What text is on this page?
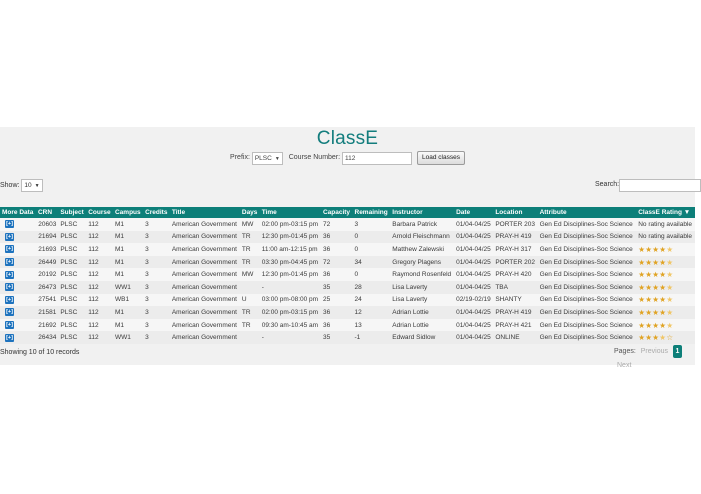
ClassE
Prefix: PLSC ▼ Course Number: 112	Load classes
Show: 10 ▼	Search:
More Data	CRN	Subject	Course	Campus	Credits	Title	Days	Time	Capacity	Remaining	Instructor	Date	Location	Attribute	ClassE Rating ▼
[+]	20603	PLSC	112	M1	3	American Government	MW	02:00 pm-03:15 pm	72	3	Barbara Patrick	01/04-04/25	PORTER 203	Gen Ed Disciplines-Soc Science	No rating available
[+]	21694	PLSC	112	M1	3	American Government	TR	12:30 pm-01:45 pm	36	0	Arnold Fleischmann	01/04-04/25	PRAY-H 419	Gen Ed Disciplines-Soc Science	No rating available
[+]	21693	PLSC	112	M1	3	American Government	TR	11:00 am-12:15 pm	36	0	Matthew Zalewski	01/04-04/25	PRAY-H 317	Gen Ed Disciplines-Soc Science	★★★★★
[+]	26449	PLSC	112	M1	3	American Government	TR	03:30 pm-04:45 pm	72	34	Gregory Plagens	01/04-04/25	PORTER 202	Gen Ed Disciplines-Soc Science	★★★★★
[+]	20192	PLSC	112	M1	3	American Government	MW	12:30 pm-01:45 pm	36	0	Raymond Rosenfeld	01/04-04/25	PRAY-H 420	Gen Ed Disciplines-Soc Science	★★★★★
[+]	26473	PLSC	112	WW1	3	American Government		-	35	28	Lisa Laverty	01/04-04/25	TBA	Gen Ed Disciplines-Soc Science	★★★★★
[+]	27541	PLSC	112	WB1	3	American Government	U	03:00 pm-08:00 pm	25	24	Lisa Laverty	02/19-02/19	SHANTY	Gen Ed Disciplines-Soc Science	★★★★★
[+]	21581	PLSC	112	M1	3	American Government	TR	02:00 pm-03:15 pm	36	12	Adrian Lottie	01/04-04/25	PRAY-H 419	Gen Ed Disciplines-Soc Science	★★★★★
[+]	21692	PLSC	112	M1	3	American Government	TR	09:30 am-10:45 am	36	13	Adrian Lottie	01/04-04/25	PRAY-H 421	Gen Ed Disciplines-Soc Science	★★★★★
[+]	26434	PLSC	112	WW1	3	American Government		-	35	-1	Edward Sidlow	01/04-04/25	ONLINE	Gen Ed Disciplines-Soc Science	★★★★☆
Showing 10 of 10 records	Pages: Previous 1 Next
